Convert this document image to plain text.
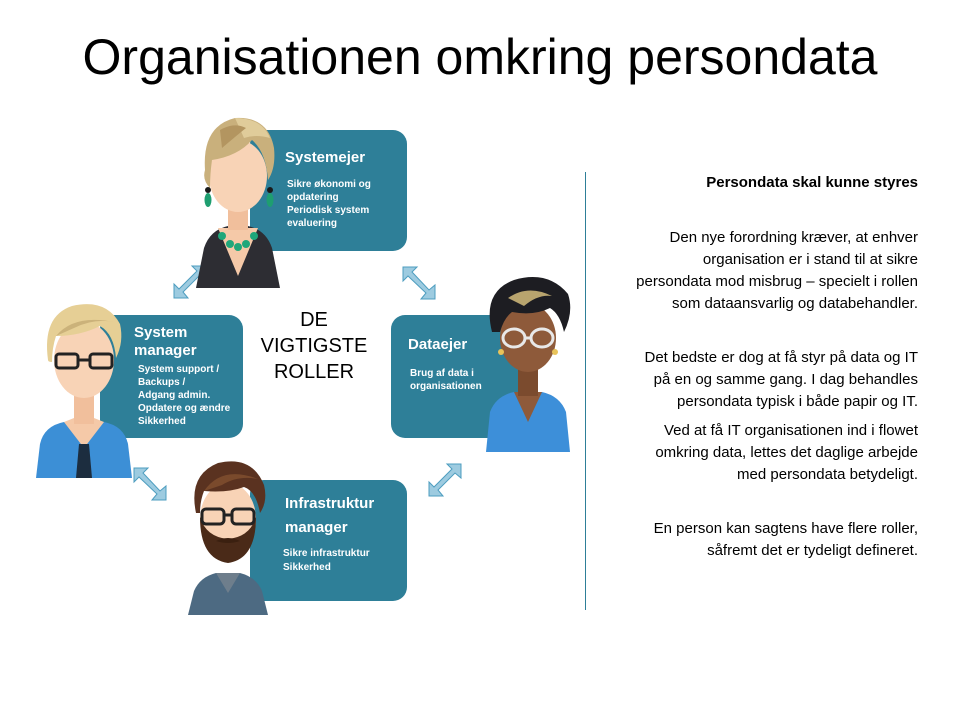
Organisationen omkring persondata
Systemejer
Sikre økonomi og
opdatering
Periodisk system
evaluering
System
manager
System support /
Backups /
Adgang admin.
Opdatere og ændre
Sikkerhed
Dataejer
Brug af data i
organisationen
Infrastruktur
manager
Sikre infrastruktur
Sikkerhed
DE
VIGTIGSTE
ROLLER
Persondata skal kunne styres
Den nye forordning kræver, at enhver
organisation er i stand til at sikre
persondata mod misbrug – specielt i rollen
som dataansvarlig og databehandler.
Det bedste er dog at få styr på data og IT
på en og samme gang. I dag behandles
persondata typisk i både papir og IT.
Ved at få IT organisationen ind i flowet
omkring data, lettes det daglige arbejde
med persondata betydeligt.
En person kan sagtens have flere roller,
såfremt det er tydeligt defineret.
